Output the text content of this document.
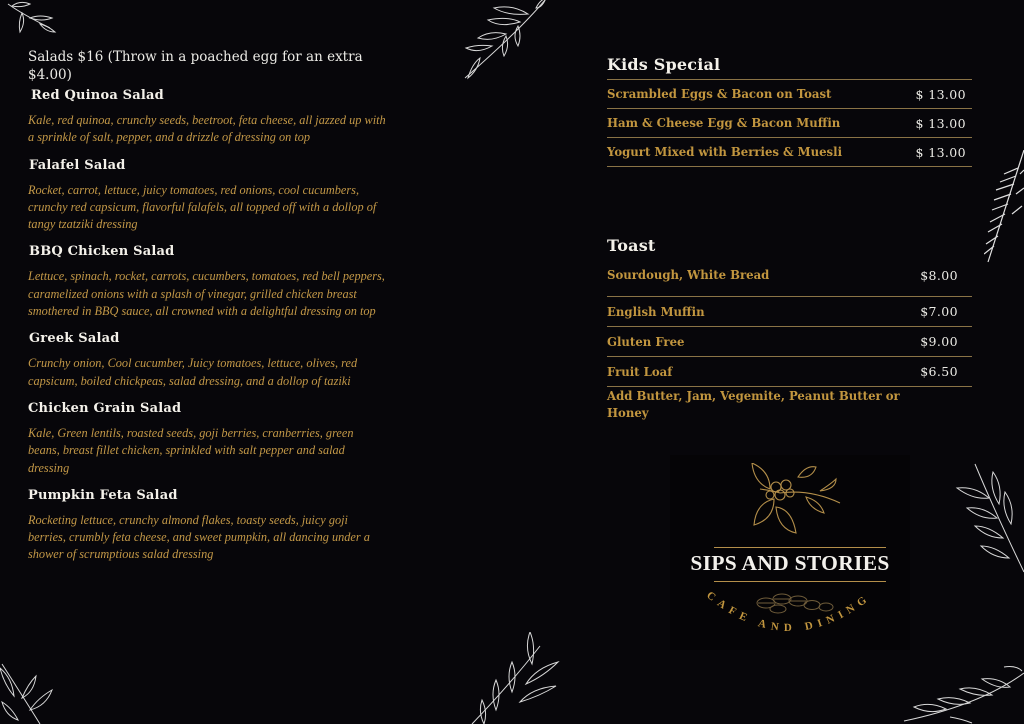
Salads $16 (Throw in a poached egg for an extra $4.00)

Red Quinoa Salad

Kale, red quinoa, crunchy seeds, beetroot, feta cheese, all jazzed up with a sprinkle of salt, pepper, and a drizzle of dressing on top

Falafel Salad

Rocket, carrot, lettuce, juicy tomatoes, red onions, cool cucumbers, crunchy red capsicum, flavorful falafels, all topped off with a dollop of tangy tzatziki dressing

BBQ Chicken Salad

Lettuce, spinach, rocket, carrots, cucumbers, tomatoes, red bell peppers, caramelized onions with a splash of vinegar, grilled chicken breast smothered in BBQ sauce, all crowned with a delightful dressing on top

Greek Salad

Crunchy onion, Cool cucumber, Juicy tomatoes, lettuce, olives, red capsicum, boiled chickpeas, salad dressing, and a dollop of taziki

Chicken Grain Salad

Kale, Green lentils, roasted seeds, goji berries, cranberries, green beans, breast fillet chicken, sprinkled with salt pepper and salad dressing

Pumpkin Feta Salad

Rocketing lettuce, crunchy almond flakes, toasty seeds, juicy goji berries, crumbly feta cheese, and sweet pumpkin, all dancing under a shower of scrumptious salad dressing

Kids Special
Scrambled Eggs & Bacon on Toast	$ 13.00
Ham & Cheese Egg & Bacon Muffin	$ 13.00
Yogurt Mixed with Berries & Muesli	$ 13.00
Toast
Sourdough, White Bread	$8.00
English Muffin	$7.00
Gluten Free	$9.00
Fruit Loaf	$6.50
Add Butter, Jam, Vegemite, Peanut Butter or Honey
SIPS AND STORIES
CAFE AND DINING
